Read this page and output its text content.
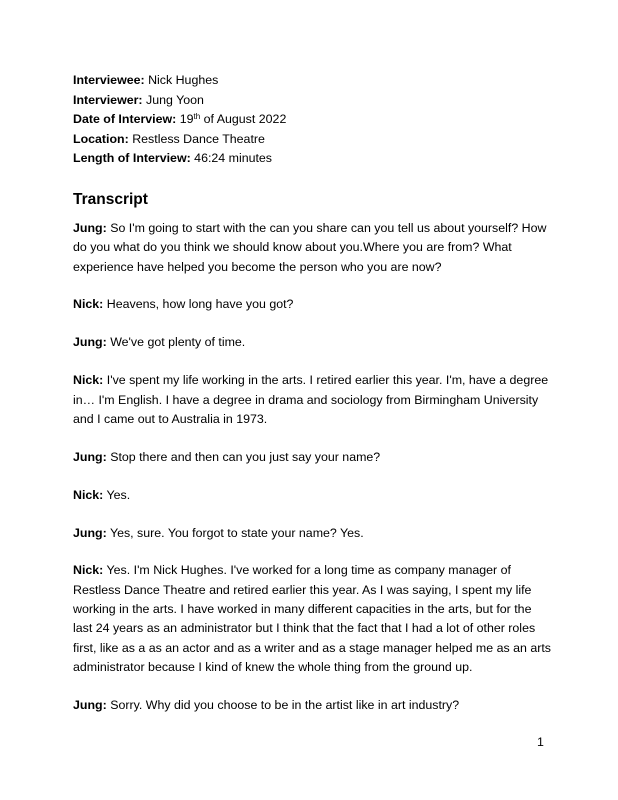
Interviewee: Nick Hughes
Interviewer: Jung Yoon
Date of Interview: 19th of August 2022
Location: Restless Dance Theatre
Length of Interview: 46:24 minutes
Transcript

Jung: So I'm going to start with the can you share can you tell us about yourself? How do you what do you think we should know about you.Where you are from? What experience have helped you become the person who you are now?

Nick: Heavens, how long have you got?

Jung: We've got plenty of time.

Nick: I've spent my life working in the arts. I retired earlier this year. I'm, have a degree in… I'm English. I have a degree in drama and sociology from Birmingham University and I came out to Australia in 1973.

Jung: Stop there and then can you just say your name?

Nick: Yes.

Jung: Yes, sure. You forgot to state your name? Yes.

Nick: Yes. I'm Nick Hughes. I've worked for a long time as company manager of Restless Dance Theatre and retired earlier this year. As I was saying, I spent my life working in the arts. I have worked in many different capacities in the arts, but for the last 24 years as an administrator but I think that the fact that I had a lot of other roles first, like as a as an actor and as a writer and as a stage manager helped me as an arts administrator because I kind of knew the whole thing from the ground up.

Jung: Sorry. Why did you choose to be in the artist like in art industry?

1
